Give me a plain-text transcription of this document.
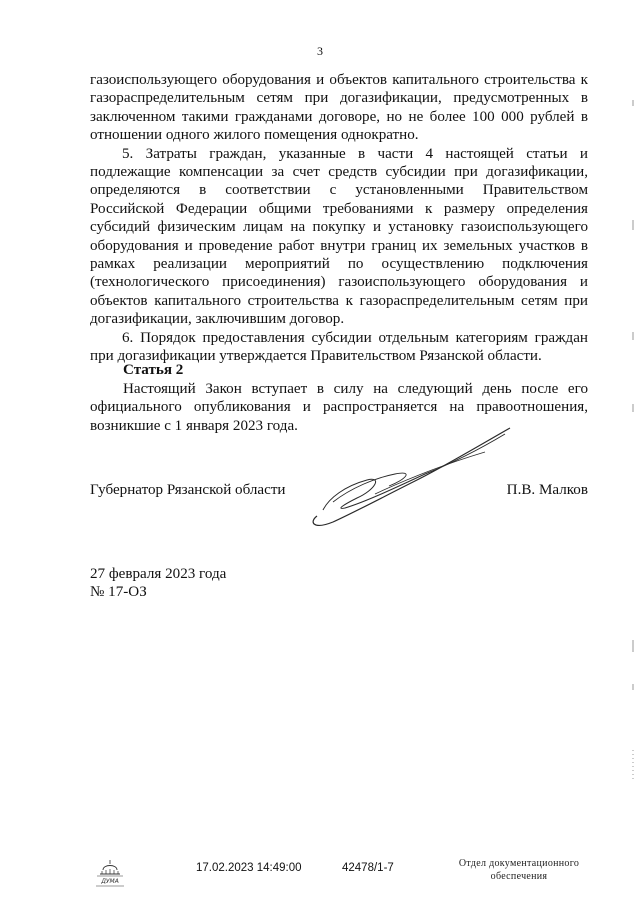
3

газоиспользующего оборудования и объектов капитального строительства к газораспределительным сетям при догазификации, предусмотренных в заключенном такими гражданами договоре, но не более 100 000 рублей в отношении одного жилого помещения однократно.

5. Затраты граждан, указанные в части 4 настоящей статьи и подлежащие компенсации за счет средств субсидии при догазификации, определяются в соответствии с установленными Правительством Российской Федерации общими требованиями к размеру определения субсидий физическим лицам на покупку и установку газоиспользующего оборудования и проведение работ внутри границ их земельных участков в рамках реализации мероприятий по осуществлению подключения (технологического присоединения) газоиспользующего оборудования и объектов капитального строительства к газораспределительным сетям при догазификации, заключившим договор.

6. Порядок предоставления субсидии отдельным категориям граждан при догазификации утверждается Правительством Рязанской области.

Статья 2

Настоящий Закон вступает в силу на следующий день после его официального опубликования и распространяется на правоотношения, возникшие с 1 января 2023 года.

Губернатор Рязанской области	П.В. Малков
27 февраля 2023 года
№ 17-ОЗ
ДУМА
17.02.2023 14:49:00	42478/1-7	Отдел документационного
обеспечения
